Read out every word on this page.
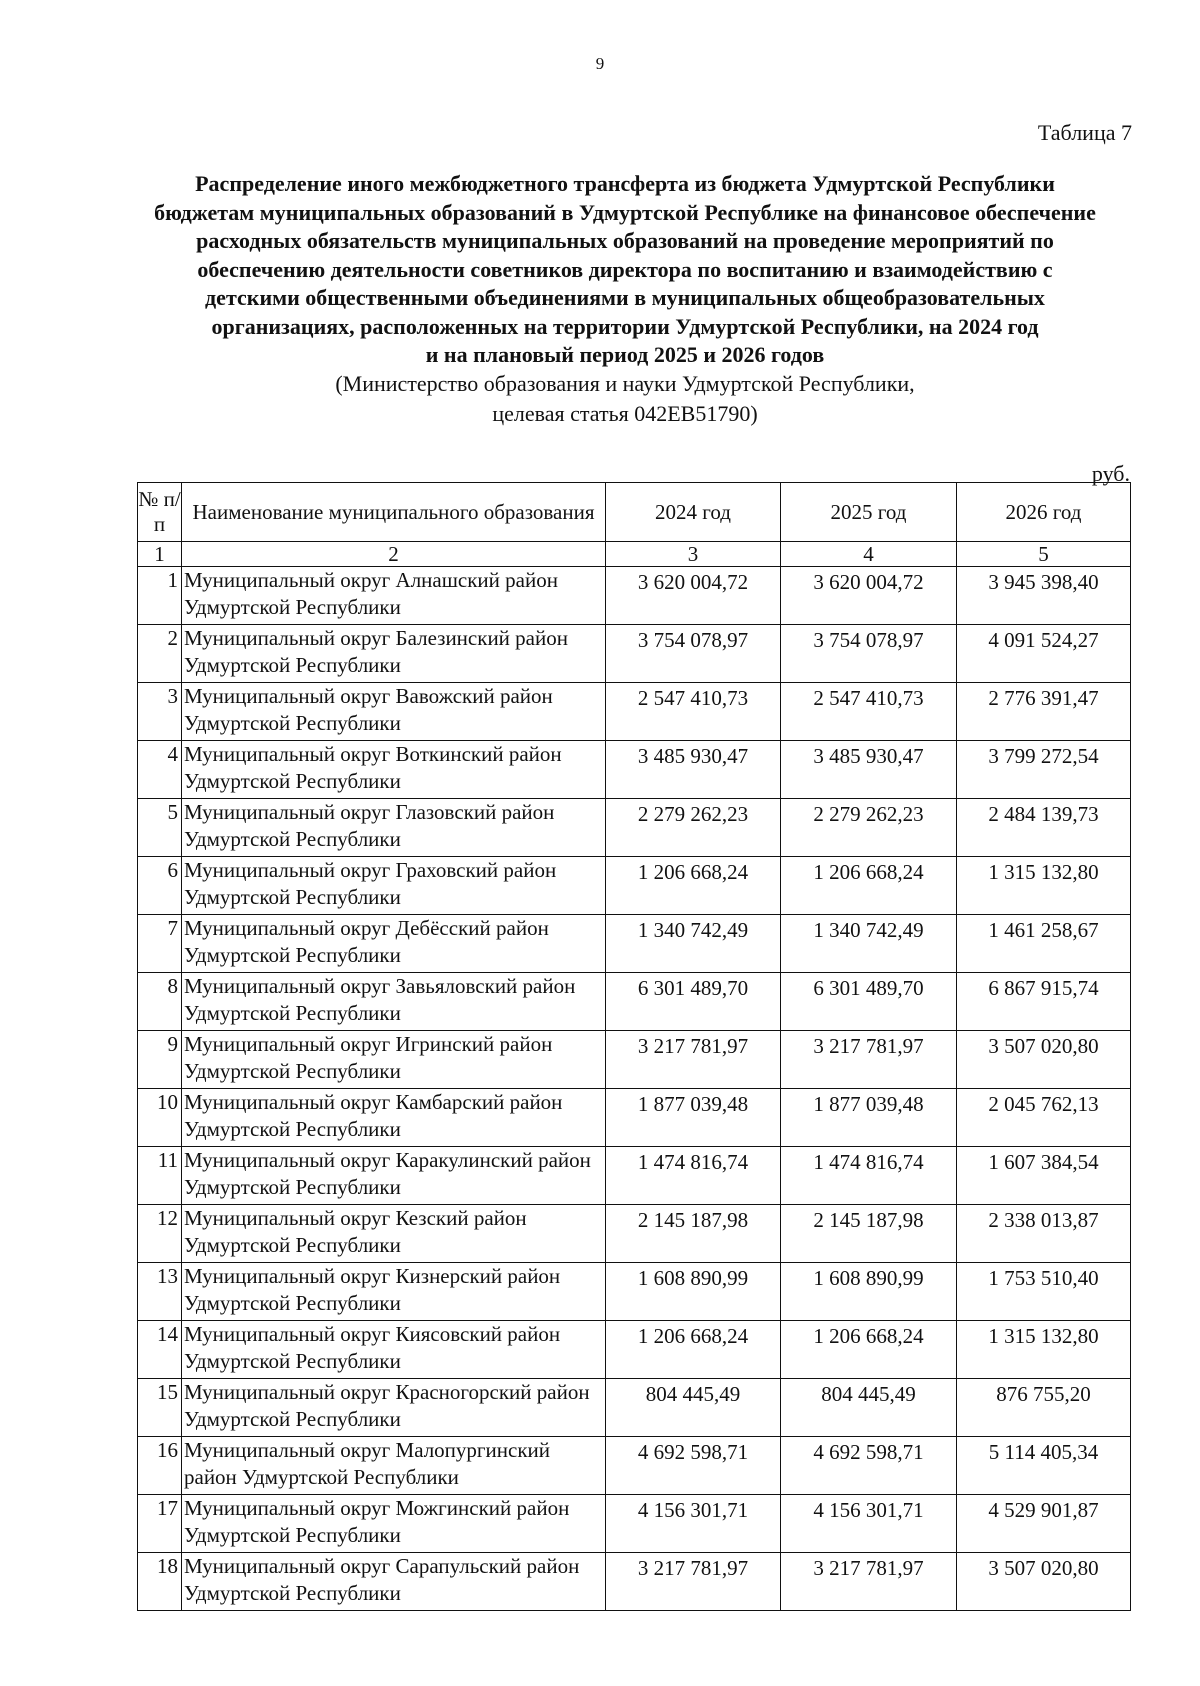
9
Таблица 7
Распределение иного межбюджетного трансферта из бюджета Удмуртской Республики
бюджетам муниципальных образований в Удмуртской Республике на финансовое обеспечение
расходных обязательств муниципальных образований на проведение мероприятий по
обеспечению деятельности советников директора по воспитанию и взаимодействию с
детскими общественными объединениями в муниципальных общеобразовательных
организациях, расположенных на территории Удмуртской Республики, на 2024 год
и на плановый период 2025 и 2026 годов
(Министерство образования и науки Удмуртской Республики,
целевая статья 042EВ51790)
руб.
№ п/п	Наименование муниципального образования	2024 год	2025 год	2026 год
1	2	3	4	5
1	Муниципальный округ Алнашский район Удмуртской Республики	3 620 004,72	3 620 004,72	3 945 398,40
2	Муниципальный округ Балезинский район Удмуртской Республики	3 754 078,97	3 754 078,97	4 091 524,27
3	Муниципальный округ Вавожский район Удмуртской Республики	2 547 410,73	2 547 410,73	2 776 391,47
4	Муниципальный округ Воткинский район Удмуртской Республики	3 485 930,47	3 485 930,47	3 799 272,54
5	Муниципальный округ Глазовский район Удмуртской Республики	2 279 262,23	2 279 262,23	2 484 139,73
6	Муниципальный округ Граховский район Удмуртской Республики	1 206 668,24	1 206 668,24	1 315 132,80
7	Муниципальный округ Дебёсский район Удмуртской Республики	1 340 742,49	1 340 742,49	1 461 258,67
8	Муниципальный округ Завьяловский район Удмуртской Республики	6 301 489,70	6 301 489,70	6 867 915,74
9	Муниципальный округ Игринский район Удмуртской Республики	3 217 781,97	3 217 781,97	3 507 020,80
10	Муниципальный округ Камбарский район Удмуртской Республики	1 877 039,48	1 877 039,48	2 045 762,13
11	Муниципальный округ Каракулинский район Удмуртской Республики	1 474 816,74	1 474 816,74	1 607 384,54
12	Муниципальный округ Кезский район Удмуртской Республики	2 145 187,98	2 145 187,98	2 338 013,87
13	Муниципальный округ Кизнерский район Удмуртской Республики	1 608 890,99	1 608 890,99	1 753 510,40
14	Муниципальный округ Киясовский район Удмуртской Республики	1 206 668,24	1 206 668,24	1 315 132,80
15	Муниципальный округ Красногорский район Удмуртской Республики	804 445,49	804 445,49	876 755,20
16	Муниципальный округ Малопургинский район Удмуртской Республики	4 692 598,71	4 692 598,71	5 114 405,34
17	Муниципальный округ Можгинский район Удмуртской Республики	4 156 301,71	4 156 301,71	4 529 901,87
18	Муниципальный округ Сарапульский район Удмуртской Республики	3 217 781,97	3 217 781,97	3 507 020,80
